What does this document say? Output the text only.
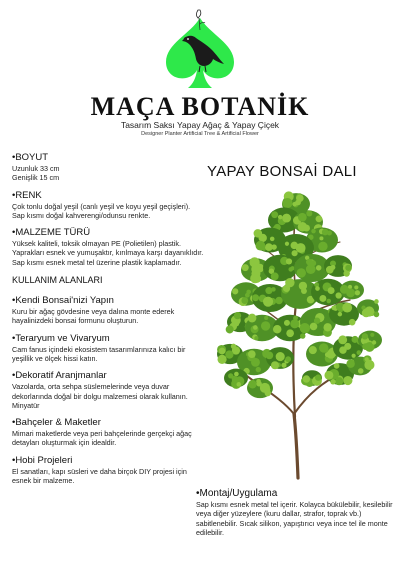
MAÇA BOTANİK
Tasarım Saksı Yapay Ağaç & Yapay Çiçek
Designer Planter Artificial Tree & Artificial Flower
YAPAY BONSAİ DALI

•BOYUT

Uzunluk 33 cm

Genişlik 15 cm

•RENK

Çok tonlu doğal yeşil (canlı yeşil ve koyu yeşil geçişleri). Sap kısmı doğal kahverengi/odunsu renkte.

•MALZEME TÜRÜ

Yüksek kaliteli, toksik olmayan PE (Polietilen) plastik. Yaprakları esnek ve yumuşaktır, kırılmaya karşı dayanıklıdır. Sap kısmı esnek metal tel üzerine plastik kaplamadır.

KULLANIM ALANLARI

•Kendi Bonsai'nizi Yapın

Kuru bir ağaç gövdesine veya dalına monte ederek hayalinizdeki bonsai formunu oluşturun.

•Teraryum ve Vivaryum

Cam fanus içindeki ekosistem tasarımlarınıza kalıcı bir yeşillik ve ölçek hissi katın.

•Dekoratif Aranjmanlar

Vazolarda, orta sehpa süslemelerinde veya duvar dekorlarında doğal bir dolgu malzemesi olarak kullanın.

Minyatür

•Bahçeler & Maketler

Mimari maketlerde veya peri bahçelerinde gerçekçi ağaç detayları oluşturmak için idealdir.

•Hobi Projeleri

El sanatları, kapı süsleri ve daha birçok DIY projesi için esnek bir malzeme.

•Montaj/Uygulama

Sap kısmı esnek metal tel içerir. Kolayca bükülebilir, kesilebilir veya diğer yüzeylere (kuru dallar, strafor, toprak vb.) sabitlenebilir. Sıcak silikon, yapıştırıcı veya ince tel ile monte edilebilir.
